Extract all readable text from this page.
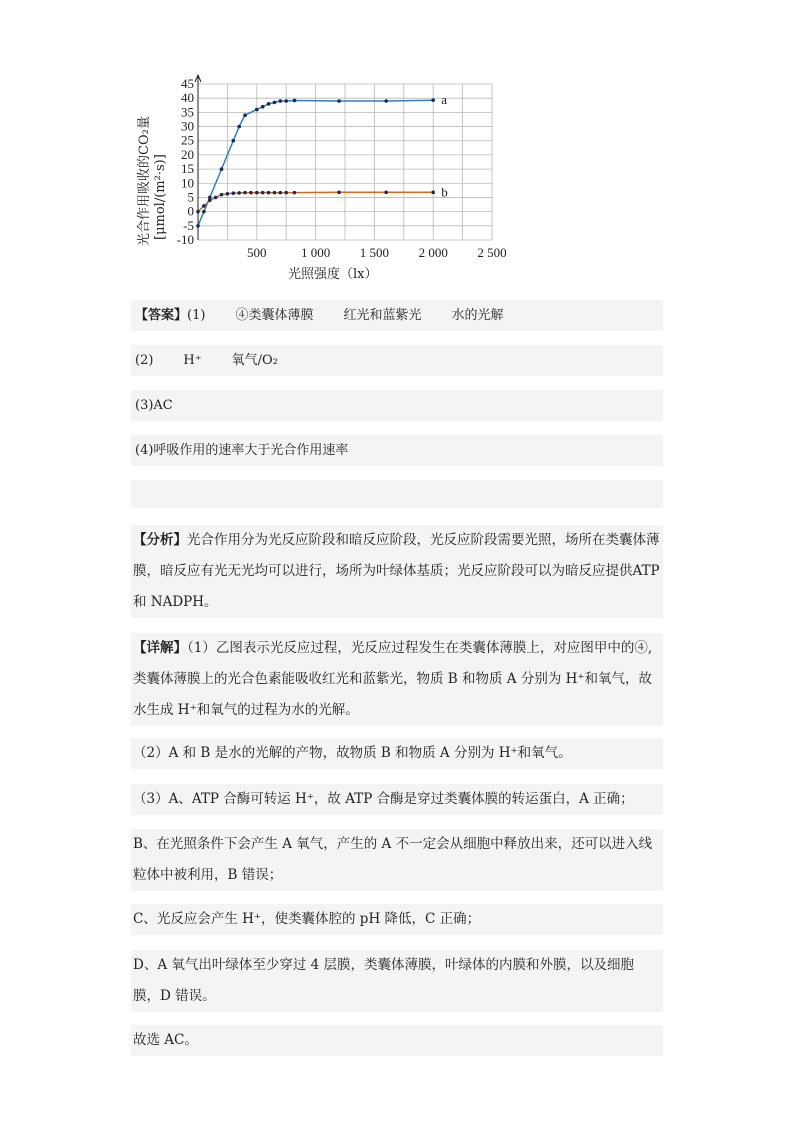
-10
-5
0
5
10
15
20
25
30
35
40
45
500	1 000 1 500 2 000 2 500
a
b
光合作用吸收的CO₂量 [μmol/(m²·s)]
光照强度（lx）
【答案】(1) ④类囊体薄膜 红光和蓝紫光 水的光解
(2) H⁺ 氧气/O₂
(3)AC
(4)呼吸作用的速率大于光合作用速率
【分析】光合作用分为光反应阶段和暗反应阶段，光反应阶段需要光照，场所在类囊体薄膜，暗反应有光无光均可以进行，场所为叶绿体基质；光反应阶段可以为暗反应提供ATP 和 NADPH。
【详解】（1）乙图表示光反应过程，光反应过程发生在类囊体薄膜上，对应图甲中的④,类囊体薄膜上的光合色素能吸收红光和蓝紫光，物质 B 和物质 A 分别为 H⁺和氧气，故水生成 H⁺和氧气的过程为水的光解。
（2）A 和 B 是水的光解的产物，故物质 B 和物质 A 分别为 H⁺和氧气。
（3）A、ATP 合酶可转运 H⁺，故 ATP 合酶是穿过类囊体膜的转运蛋白，A 正确；
B、在光照条件下会产生 A 氧气，产生的 A 不一定会从细胞中释放出来，还可以进入线粒体中被利用，B 错误；
C、光反应会产生 H⁺，使类囊体腔的 pH 降低，C 正确；
D、A 氧气出叶绿体至少穿过 4 层膜，类囊体薄膜，叶绿体的内膜和外膜，以及细胞膜，D 错误。
故选 AC。
